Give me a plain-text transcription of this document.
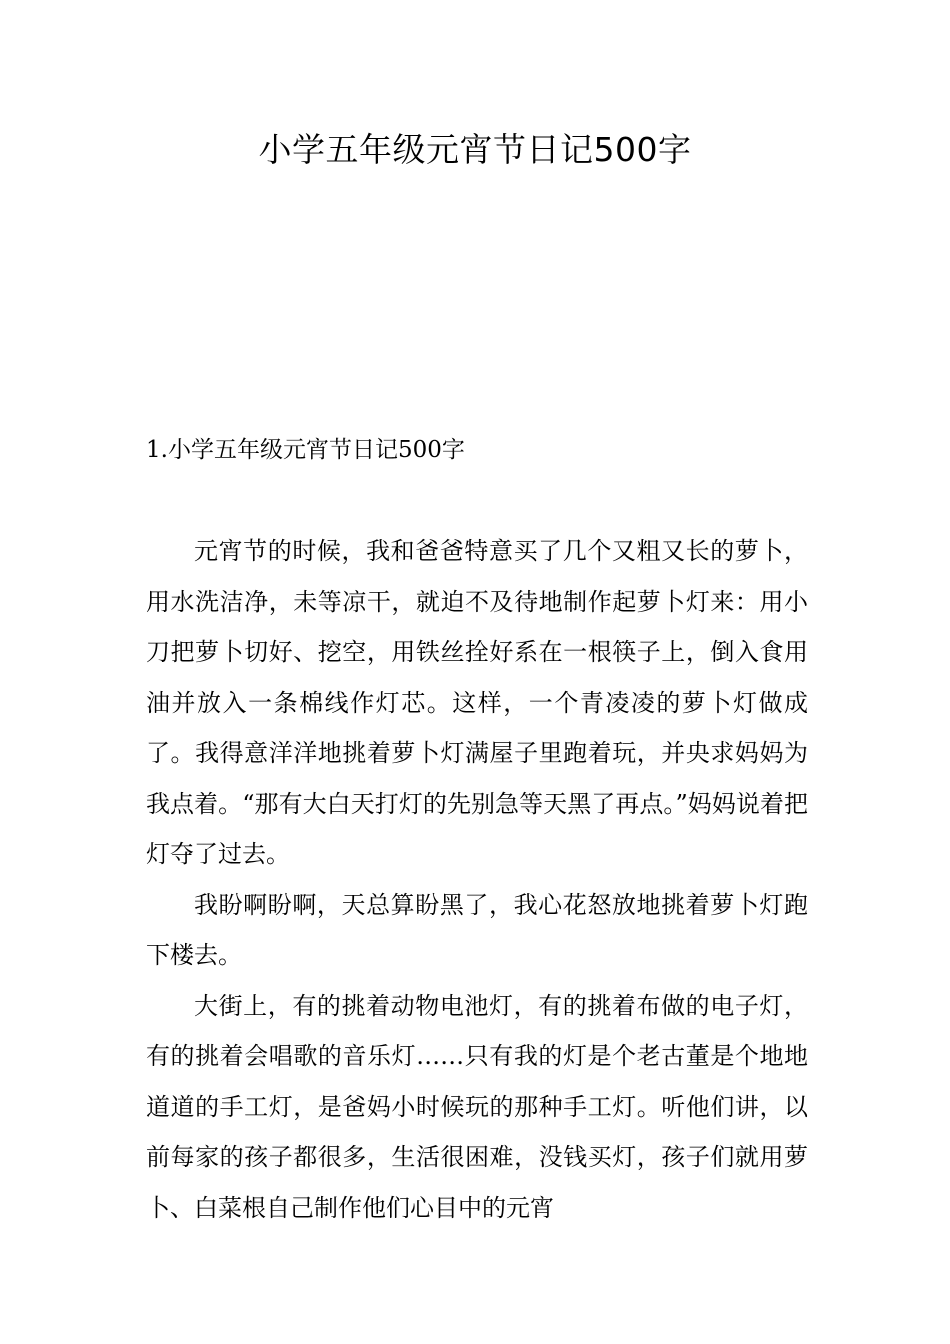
小学五年级元宵节日记500字
1.小学五年级元宵节日记500字

元宵节的时候，我和爸爸特意买了几个又粗又长的萝卜，用水洗洁净，未等凉干，就迫不及待地制作起萝卜灯来：用小刀把萝卜切好、挖空，用铁丝拴好系在一根筷子上，倒入食用油并放入一条棉线作灯芯。这样，一个青凌凌的萝卜灯做成了。我得意洋洋地挑着萝卜灯满屋子里跑着玩，并央求妈妈为我点着。“那有大白天打灯的先别急等天黑了再点。”妈妈说着把灯夺了过去。

我盼啊盼啊，天总算盼黑了，我心花怒放地挑着萝卜灯跑下楼去。

大街上，有的挑着动物电池灯，有的挑着布做的电子灯，有的挑着会唱歌的音乐灯……只有我的灯是个老古董是个地地道道的手工灯，是爸妈小时候玩的那种手工灯。听他们讲，以前每家的孩子都很多，生活很困难，没钱买灯，孩子们就用萝卜、白菜根自己制作他们心目中的元宵
